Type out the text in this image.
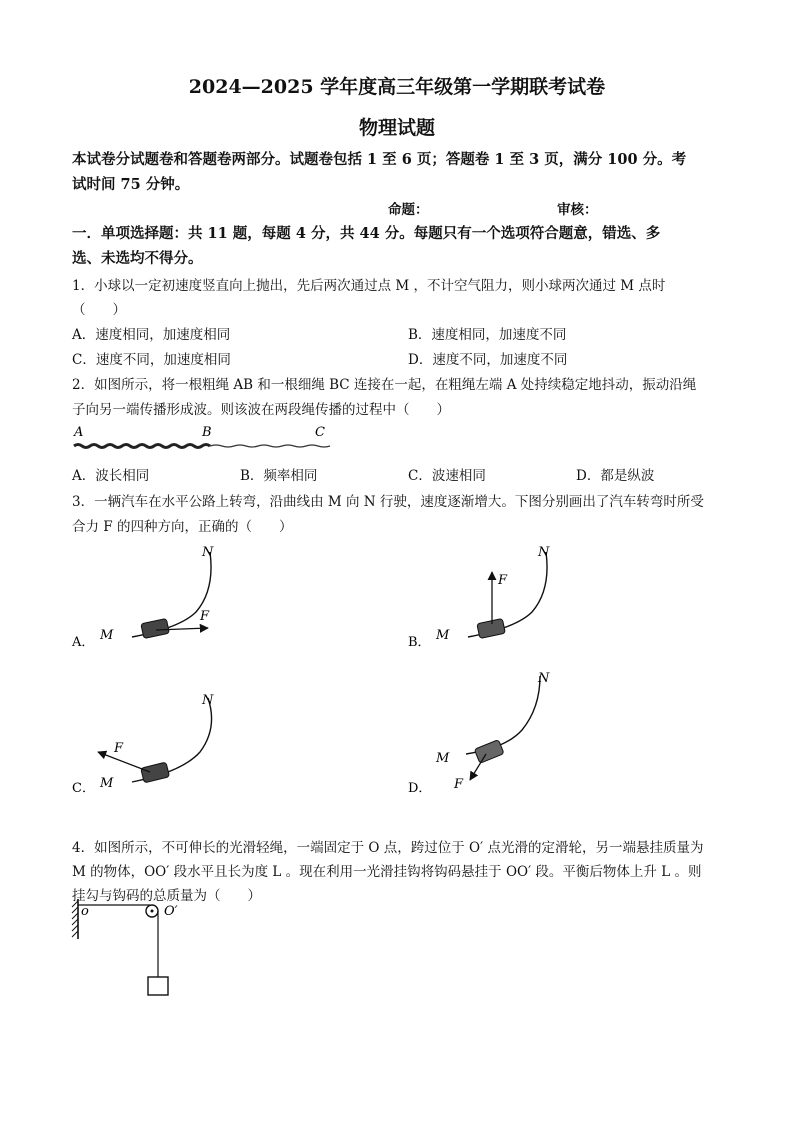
2024—2025 学年度高三年级第一学期联考试卷
物理试题
本试卷分试题卷和答题卷两部分。试题卷包括 1 至 6 页；答题卷 1 至 3 页，满分 100 分。考
试时间 75 分钟。
命题：	审核：
一．单项选择题：共 11 题，每题 4 分，共 44 分。每题只有一个选项符合题意，错选、多
选、未选均不得分。
1．小球以一定初速度竖直向上抛出，先后两次通过点 M ，不计空气阻力，则小球两次通过 M 点时
（　　）
A．速度相同，加速度相同	B．速度相同，加速度不同
C．速度不同，加速度相同	D．速度不同，加速度不同
2．如图所示，将一根粗绳 AB 和一根细绳 BC 连接在一起，在粗绳左端 A 处持续稳定地抖动，振动沿绳
子向另一端传播形成波。则该波在两段绳传播的过程中（　　）
A	B	C
A．波长相同	B．频率相同	C．波速相同	D．都是纵波
3．一辆汽车在水平公路上转弯，沿曲线由 M 向 N 行驶，速度逐渐增大。下图分别画出了汽车转弯时所受
合力 F 的四种方向，正确的（　　）
A． M
N
F
B． M
N
F
C． M
N
F
D．
M
N
F
4．如图所示，不可伸长的光滑轻绳，一端固定于 O 点，跨过位于 O′ 点光滑的定滑轮，另一端悬挂质量为
M 的物体，OO′ 段水平且长为度 L 。现在利用一光滑挂钩将钩码悬挂于 OO′ 段。平衡后物体上升 L 。则
挂勾与钩码的总质量为（　　）
o	O′
